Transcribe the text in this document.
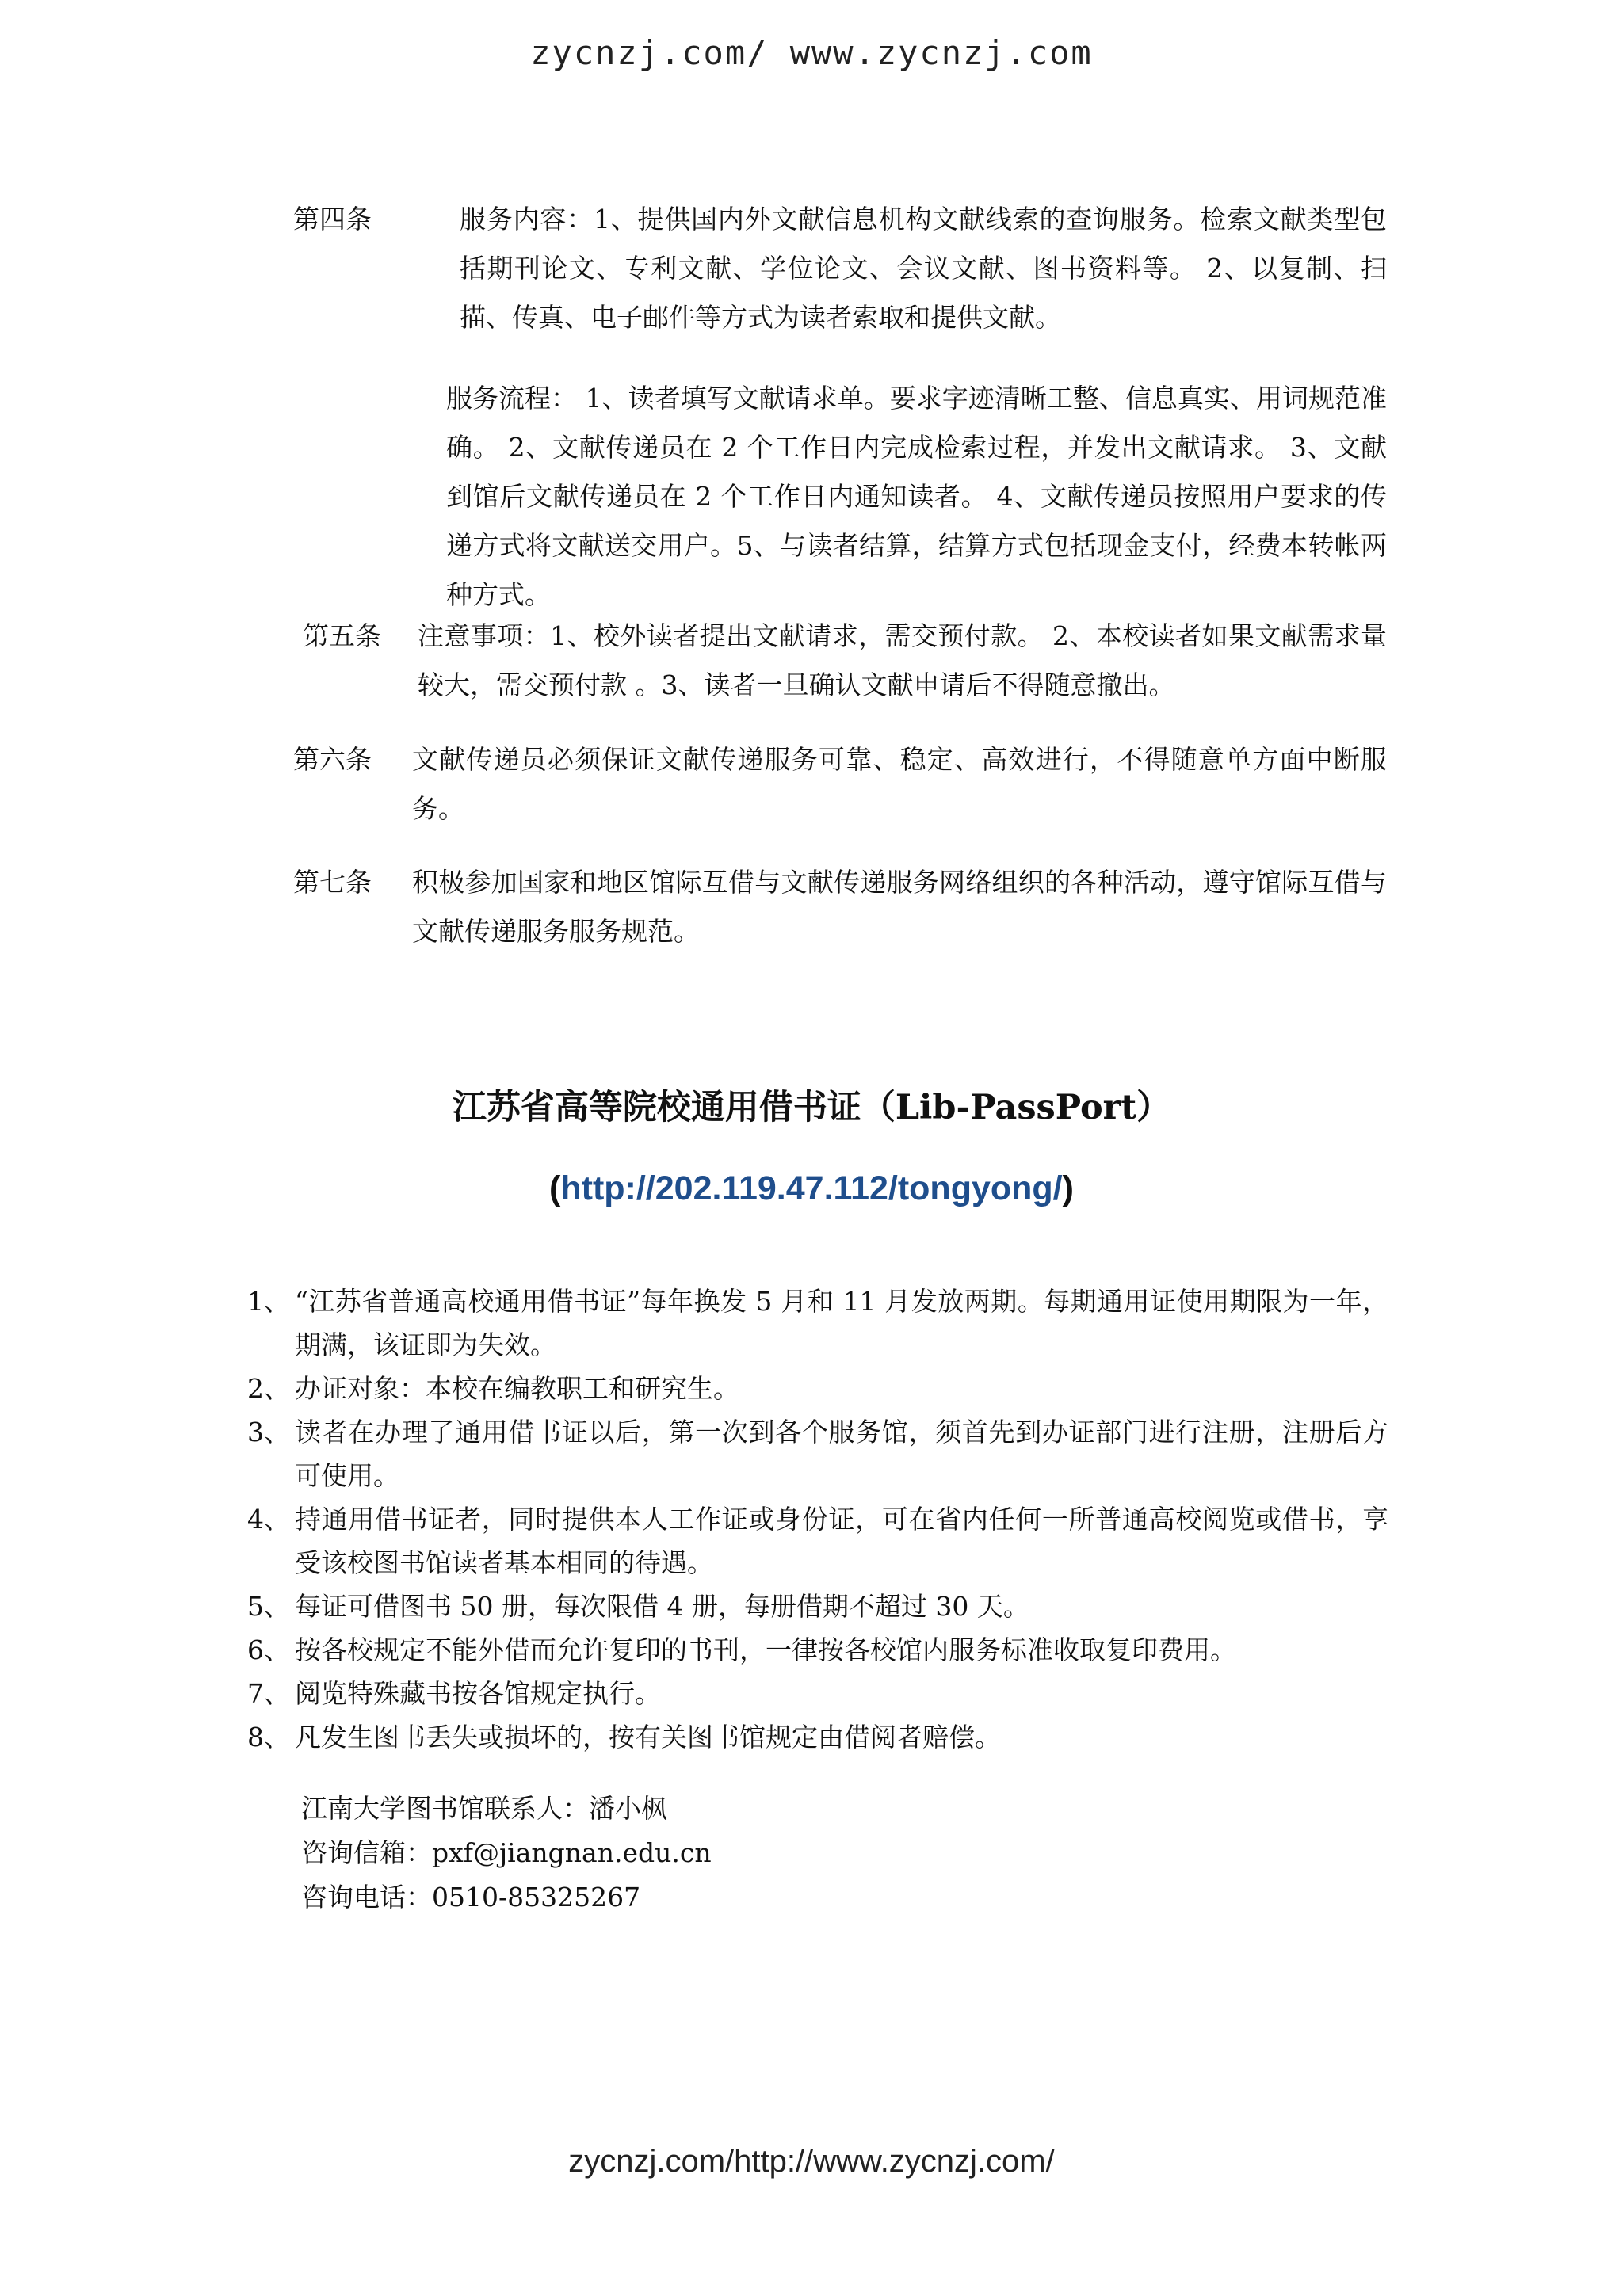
zycnzj.com/ www.zycnzj.com
第四条	服务内容：1、提供国内外文献信息机构文献线索的查询服务。检索文献类型包括期刊论文、专利文献、学位论文、会议文献、图书资料等。 2、以复制、扫描、传真、电子邮件等方式为读者索取和提供文献。

服务流程： 1、读者填写文献请求单。要求字迹清晰工整、信息真实、用词规范准确。 2、文献传递员在 2 个工作日内完成检索过程，并发出文献请求。 3、文献到馆后文献传递员在 2 个工作日内通知读者。 4、文献传递员按照用户要求的传递方式将文献送交用户。5、与读者结算，结算方式包括现金支付，经费本转帐两种方式。

第五条 注意事项：1、校外读者提出文献请求，需交预付款。 2、本校读者如果文献需求量较大，需交预付款 。3、读者一旦确认文献申请后不得随意撤出。

第六条 文献传递员必须保证文献传递服务可靠、稳定、高效进行，不得随意单方面中断服务。

第七条 积极参加国家和地区馆际互借与文献传递服务网络组织的各种活动，遵守馆际互借与文献传递服务服务规范。

江苏省高等院校通用借书证（Lib-PassPort）
(http://202.119.47.112/tongyong/)
1、 “江苏省普通高校通用借书证”每年换发 5 月和 11 月发放两期。每期通用证使用期限为一年，期满，该证即为失效。
2、 办证对象：本校在编教职工和研究生。
3、 读者在办理了通用借书证以后，第一次到各个服务馆，须首先到办证部门进行注册，注册后方可使用。
4、 持通用借书证者，同时提供本人工作证或身份证，可在省内任何一所普通高校阅览或借书，享受该校图书馆读者基本相同的待遇。
5、 每证可借图书 50 册，每次限借 4 册，每册借期不超过 30 天。
6、 按各校规定不能外借而允许复印的书刊，一律按各校馆内服务标准收取复印费用。
7、 阅览特殊藏书按各馆规定执行。
8、 凡发生图书丢失或损坏的，按有关图书馆规定由借阅者赔偿。
江南大学图书馆联系人：潘小枫
咨询信箱：pxf@jiangnan.edu.cn
咨询电话：0510-85325267
zycnzj.com/http://www.zycnzj.com/
